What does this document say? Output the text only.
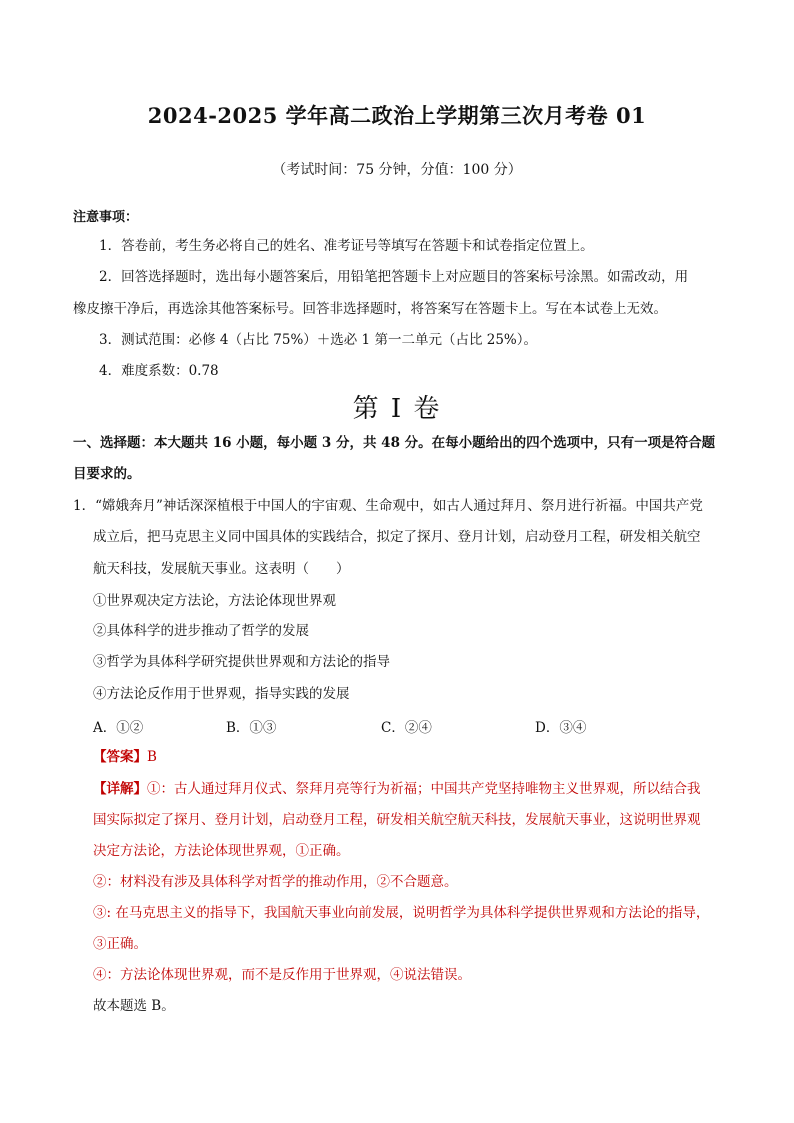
2024-2025 学年高二政治上学期第三次月考卷 01
（考试时间：75 分钟，分值：100 分）
注意事项：
1．答卷前，考生务必将自己的姓名、准考证号等填写在答题卡和试卷指定位置上。
2．回答选择题时，选出每小题答案后，用铅笔把答题卡上对应题目的答案标号涂黑。如需改动，用
橡皮擦干净后，再选涂其他答案标号。回答非选择题时，将答案写在答题卡上。写在本试卷上无效。
3．测试范围：必修 4（占比 75%）＋选必 1 第一二单元（占比 25%）。
4．难度系数：0.78
第 I 卷
一、选择题：本大题共 16 小题，每小题 3 分，共 48 分。在每小题给出的四个选项中，只有一项是符合题
目要求的。
1．“嫦娥奔月”神话深深植根于中国人的宇宙观、生命观中，如古人通过拜月、祭月进行祈福。中国共产党
成立后，把马克思主义同中国具体的实践结合，拟定了探月、登月计划，启动登月工程，研发相关航空
航天科技，发展航天事业。这表明（　　）
①世界观决定方法论，方法论体现世界观
②具体科学的进步推动了哲学的发展
③哲学为具体科学研究提供世界观和方法论的指导
④方法论反作用于世界观，指导实践的发展
A．①②	B．①③	C．②④	D．③④
【答案】B
【详解】①：古人通过拜月仪式、祭拜月亮等行为祈福；中国共产党坚持唯物主义世界观，所以结合我
国实际拟定了探月、登月计划，启动登月工程，研发相关航空航天科技，发展航天事业，这说明世界观
决定方法论，方法论体现世界观，①正确。
②：材料没有涉及具体科学对哲学的推动作用，②不合题意。
③: 在马克思主义的指导下，我国航天事业向前发展，说明哲学为具体科学提供世界观和方法论的指导，
③正确。
④：方法论体现世界观，而不是反作用于世界观，④说法错误。
故本题选 B。
